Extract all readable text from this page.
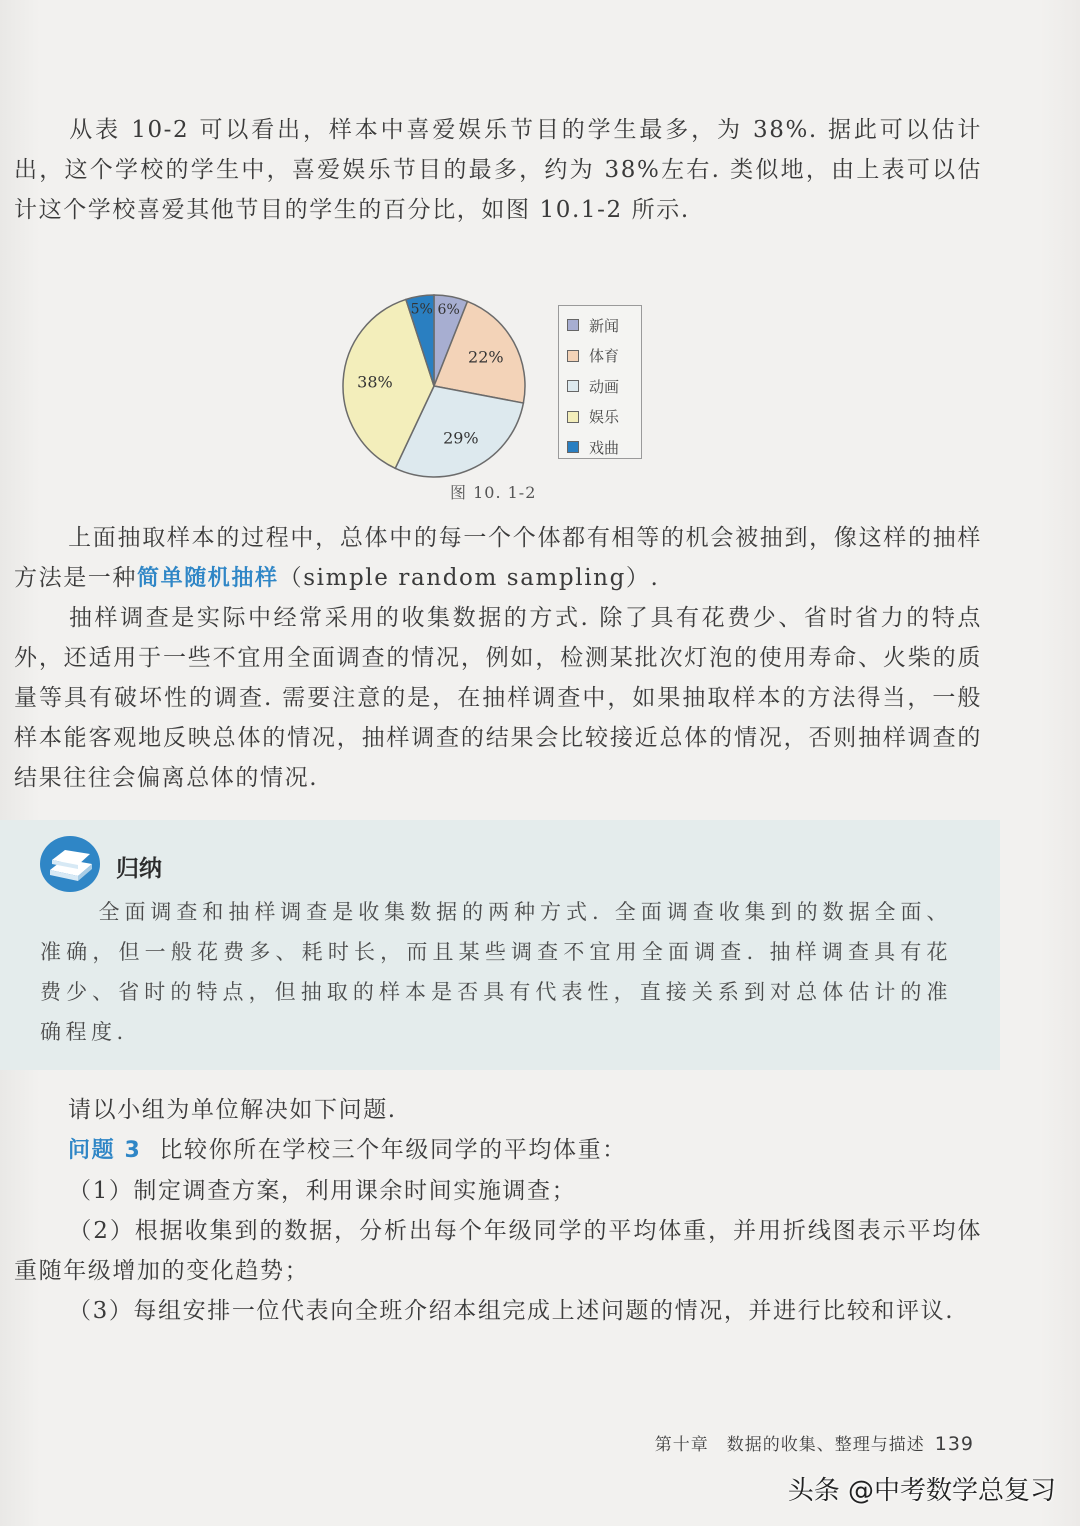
从表 10-2 可以看出，样本中喜爱娱乐节目的学生最多，为 38%. 据此可以估计出，这个学校的学生中，喜爱娱乐节目的最多，约为 38%左右. 类似地，由上表可以估计这个学校喜爱其他节目的学生的百分比，如图 10.1-2 所示.

6%
22%
29%
38%
5%
新闻
体育
动画
娱乐
戏曲
图 10. 1-2

上面抽取样本的过程中，总体中的每一个个体都有相等的机会被抽到，像这样的抽样方法是一种简单随机抽样（simple random sampling）.

抽样调查是实际中经常采用的收集数据的方式. 除了具有花费少、省时省力的特点外，还适用于一些不宜用全面调查的情况，例如，检测某批次灯泡的使用寿命、火柴的质量等具有破坏性的调查. 需要注意的是，在抽样调查中，如果抽取样本的方法得当，一般样本能客观地反映总体的情况，抽样调查的结果会比较接近总体的情况，否则抽样调查的结果往往会偏离总体的情况.

归纳

全面调查和抽样调查是收集数据的两种方式. 全面调查收集到的数据全面、准确，但一般花费多、耗时长，而且某些调查不宜用全面调查. 抽样调查具有花费少、省时的特点，但抽取的样本是否具有代表性，直接关系到对总体估计的准确程度.

请以小组为单位解决如下问题.

问题 3 比较你所在学校三个年级同学的平均体重：

（1）制定调查方案，利用课余时间实施调查；

（2）根据收集到的数据，分析出每个年级同学的平均体重，并用折线图表示平均体重随年级增加的变化趋势；

（3）每组安排一位代表向全班介绍本组完成上述问题的情况，并进行比较和评议.

第十章　数据的收集、整理与描述 139
头条 @中考数学总复习
